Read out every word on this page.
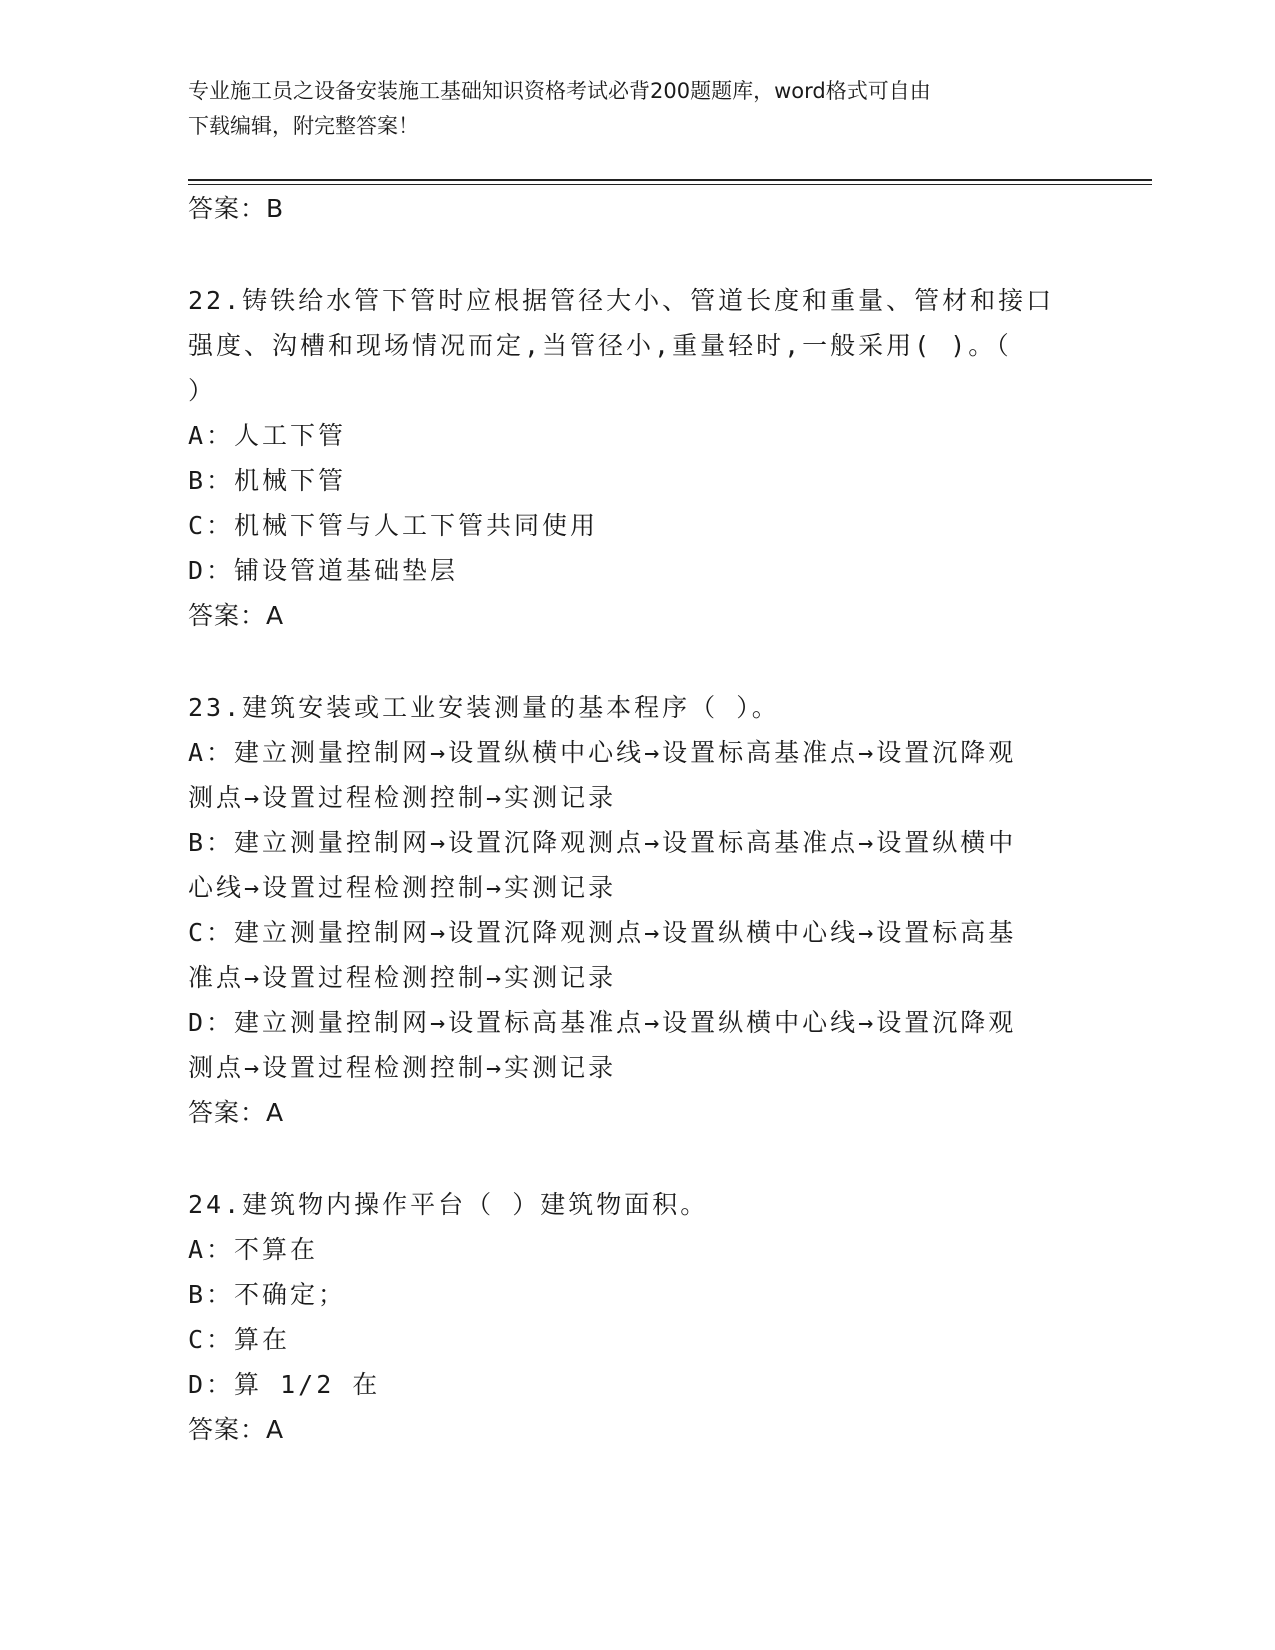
专业施工员之设备安装施工基础知识资格考试必背200题题库，word格式可自由
下载编辑，附完整答案！
答案：B
22.铸铁给水管下管时应根据管径大小、管道长度和重量、管材和接口
强度、沟槽和现场情况而定,当管径小,重量轻时,一般采用( )。（
）
A：人工下管
B：机械下管
C：机械下管与人工下管共同使用
D：铺设管道基础垫层
答案：A
23.建筑安装或工业安装测量的基本程序（ ）。
A：建立测量控制网→设置纵横中心线→设置标高基准点→设置沉降观
测点→设置过程检测控制→实测记录
B：建立测量控制网→设置沉降观测点→设置标高基准点→设置纵横中
心线→设置过程检测控制→实测记录
C：建立测量控制网→设置沉降观测点→设置纵横中心线→设置标高基
准点→设置过程检测控制→实测记录
D：建立测量控制网→设置标高基准点→设置纵横中心线→设置沉降观
测点→设置过程检测控制→实测记录
答案：A
24.建筑物内操作平台（ ）建筑物面积。
A：不算在
B：不确定；
C：算在
D：算 1/2 在
答案：A
